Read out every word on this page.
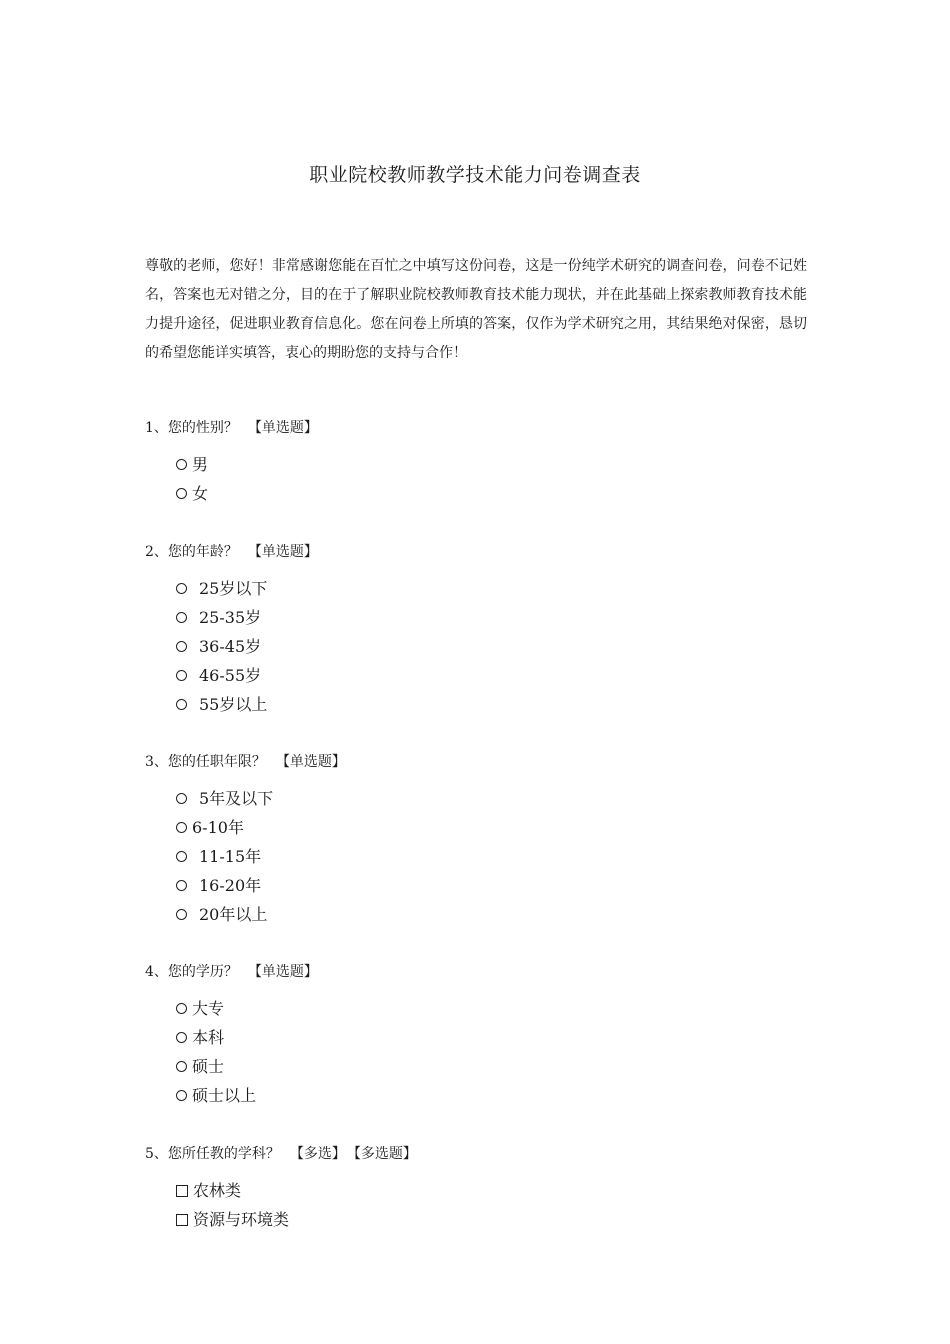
职业院校教师教学技术能力问卷调查表
尊敬的老师，您好！非常感谢您能在百忙之中填写这份问卷，这是一份纯学术研究的调查问卷，问卷不记姓名，答案也无对错之分，目的在于了解职业院校教师教育技术能力现状，并在此基础上探索教师教育技术能力提升途径，促进职业教育信息化。您在问卷上所填的答案，仅作为学术研究之用，其结果绝对保密，恳切的希望您能详实填答，衷心的期盼您的支持与合作！
1、您的性别？ 【单选题】
男
女
2、您的年龄？ 【单选题】
25岁以下
25-35岁
36-45岁
46-55岁
55岁以上
3、您的任职年限？ 【单选题】
5年及以下
6-10年
11-15年
16-20年
20年以上
4、您的学历？ 【单选题】
大专
本科
硕士
硕士以上
5、您所任教的学科？ 【多选】 【多选题】
农林类
资源与环境类
